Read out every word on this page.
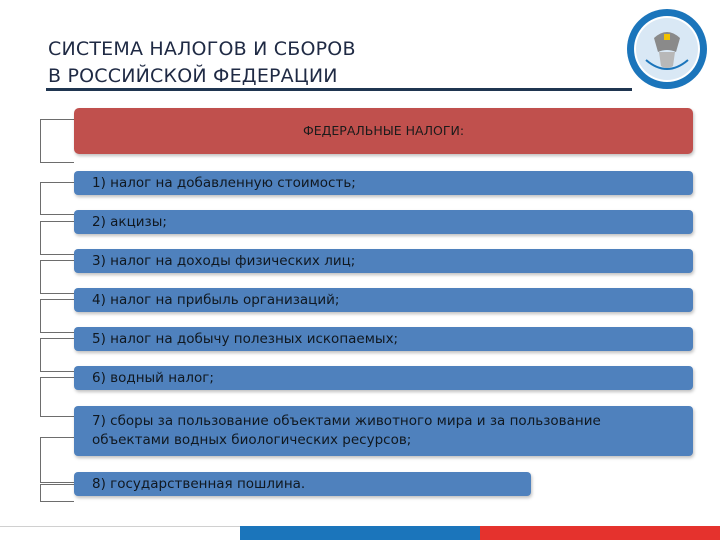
СИСТЕМА НАЛОГОВ И СБОРОВ
В РОССИЙСКОЙ ФЕДЕРАЦИИ
ФЕДЕРАЛЬНЫЕ НАЛОГИ:
1) налог на добавленную стоимость;
2) акцизы;
3) налог на доходы физических лиц;
4) налог на прибыль организаций;
5) налог на добычу полезных ископаемых;
6) водный налог;
7) сборы за пользование объектами животного мира и за пользование объектами водных биологических ресурсов;
8) государственная пошлина.
